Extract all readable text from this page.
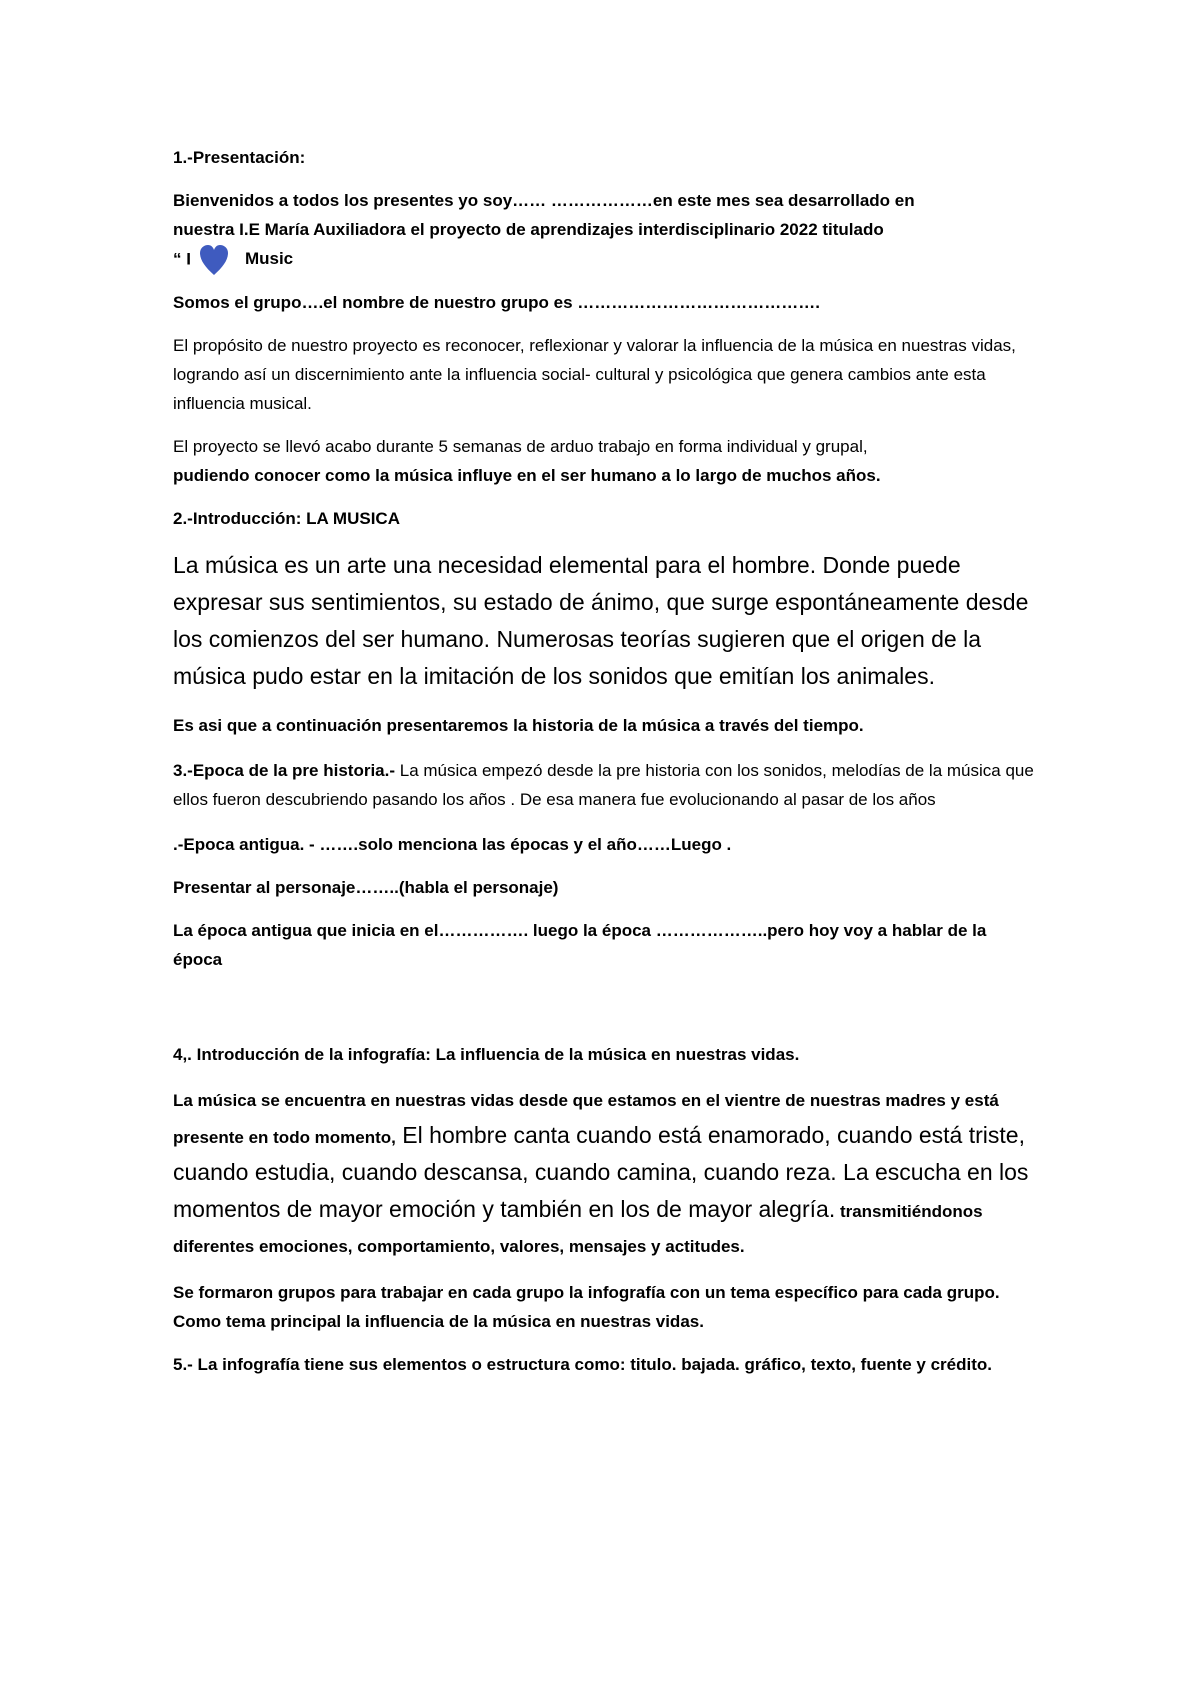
1.-Presentación:

Bienvenidos a todos los presentes yo soy…… ………………en este mes sea desarrollado en
nuestra I.E María Auxiliadora el proyecto de aprendizajes interdisciplinario 2022 titulado
“ I	Music

Somos el grupo….el nombre de nuestro grupo es …………………………………….

El propósito de nuestro proyecto es reconocer, reflexionar y valorar la influencia de la música en nuestras vidas, logrando así un discernimiento ante la influencia social- cultural y psicológica que genera cambios ante esta influencia musical.

El proyecto se llevó acabo durante 5 semanas de arduo trabajo en forma individual y grupal,
pudiendo conocer como la música influye en el ser humano a lo largo de muchos años.

2.-Introducción: LA MUSICA

La música es un arte una necesidad elemental para el hombre. Donde puede expresar sus sentimientos, su estado de ánimo, que surge espontáneamente desde los comienzos del ser humano. Numerosas teorías sugieren que el origen de la música pudo estar en la imitación de los sonidos que emitían los animales.

Es asi que a continuación presentaremos la historia de la música a través del tiempo.

3.-Epoca de la pre historia.- La música empezó desde la pre historia con los sonidos, melodías de la música que ellos fueron descubriendo pasando los años . De esa manera fue evolucionando al pasar de los años

.-Epoca antigua. - …….solo menciona las épocas y el año……Luego .

Presentar al personaje……..(habla el personaje)

La época antigua que inicia en el……………. luego la época ………………..pero hoy voy a hablar de la época

4,. Introducción de la infografía: La influencia de la música en nuestras vidas.

La música se encuentra en nuestras vidas desde que estamos en el vientre de nuestras madres y está presente en todo momento, El hombre canta cuando está enamorado, cuando está triste, cuando estudia, cuando descansa, cuando camina, cuando reza. La escucha en los momentos de mayor emoción y también en los de mayor alegría. transmitiéndonos diferentes emociones, comportamiento, valores, mensajes y actitudes.

Se formaron grupos para trabajar en cada grupo la infografía con un tema específico para cada grupo. Como tema principal la influencia de la música en nuestras vidas.

5.- La infografía tiene sus elementos o estructura como: titulo. bajada. gráfico, texto, fuente y crédito.
